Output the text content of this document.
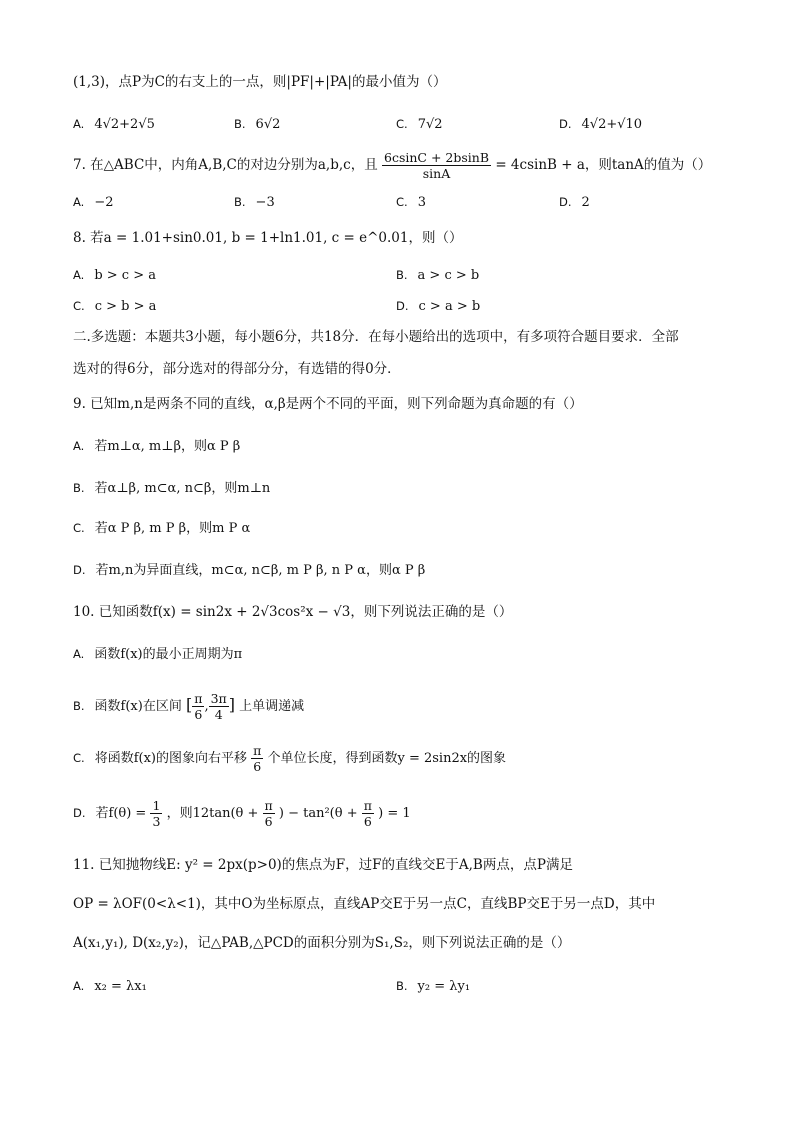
(1,3)，点P为C的右支上的一点，则|PF|+|PA|的最小值为（）
A. 4√2+2√5	B. 6√2	C. 7√2	D. 4√2+√10
7. 在△ABC中，内角A,B,C的对边分别为a,b,c，且 $\frac{6csinC + 2bsinB}{\sin A} = 4csinB + a$，则tanA的值为（）
A. −2	B. −3	C. 3	D. 2
8. 若a = 1.01+sin0.01, b = 1+ln1.01, c = e^0.01，则（）
A. b > c > a	B. a > c > b
C. c > b > a	D. c > a > b
二.多选题：本题共3小题，每小题6分，共18分．在每小题给出的选项中，有多项符合题目要求．全部
选对的得6分，部分选对的得部分分，有选错的得0分．
9. 已知m,n是两条不同的直线，α,β是两个不同的平面，则下列命题为真命题的有（）
A. 若m⊥α, m⊥β，则α P β
B. 若α⊥β, m⊂α, n⊂β，则m⊥n
C. 若α P β, m P β，则m P α
D. 若m,n为异面直线，m⊂α, n⊂β, m P β, n P α，则α P β
10. 已知函数f(x) = sin2x + 2√3cos²x − √3，则下列说法正确的是（）
A. 函数f(x)的最小正周期为π
B. 函数f(x)在区间 [ $\frac{\pi}{6}$ , $\frac{3\pi}{4}$ ] 上单调递减
C. 将函数f(x)的图象向右平移 $\frac{\pi}{6}$ 个单位长度，得到函数y = 2sin2x的图象
D. 若$f(\theta) = \frac{1}{3}$ ，则$12\tan(\theta + \frac{\pi}{6}$ ) − $\tan^2(\theta + \frac{\pi}{6}$ ) = 1
11. 已知抛物线E: y² = 2px(p>0)的焦点为F，过F的直线交E于A,B两点，点P满足
OP = λOF(0<λ<1)，其中O为坐标原点，直线AP交E于另一点C，直线BP交E于另一点D，其中
A(x₁,y₁), D(x₂,y₂)，记△PAB,△PCD的面积分别为S₁,S₂，则下列说法正确的是（）
A. x₂ = λx₁	B. y₂ = λy₁
